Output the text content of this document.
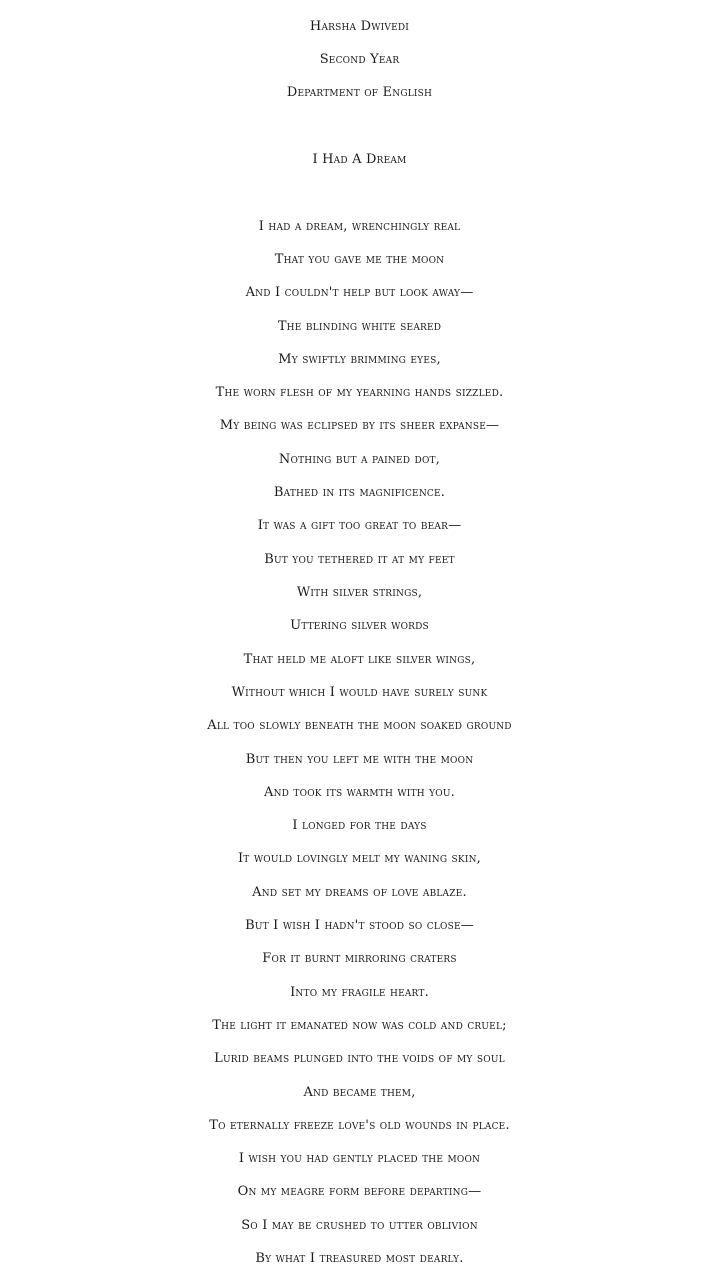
Harsha Dwivedi
Second Year
Department of English
I Had A Dream
I had a dream, wrenchingly real
That you gave me the moon
And I couldn't help but look away—
The blinding white seared
My swiftly brimming eyes,
The worn flesh of my yearning hands sizzled.
My being was eclipsed by its sheer expanse—
Nothing but a pained dot,
Bathed in its magnificence.
It was a gift too great to bear—
But you tethered it at my feet
With silver strings,
Uttering silver words
That held me aloft like silver wings,
Without which I would have surely sunk
All too slowly beneath the moon soaked ground
But then you left me with the moon
And took its warmth with you.
I longed for the days
It would lovingly melt my waning skin,
And set my dreams of love ablaze.
But I wish I hadn't stood so close—
For it burnt mirroring craters
Into my fragile heart.
The light it emanated now was cold and cruel;
Lurid beams plunged into the voids of my soul
And became them,
To eternally freeze love's old wounds in place.
I wish you had gently placed the moon
On my meagre form before departing—
So I may be crushed to utter oblivion
By what I treasured most dearly.
